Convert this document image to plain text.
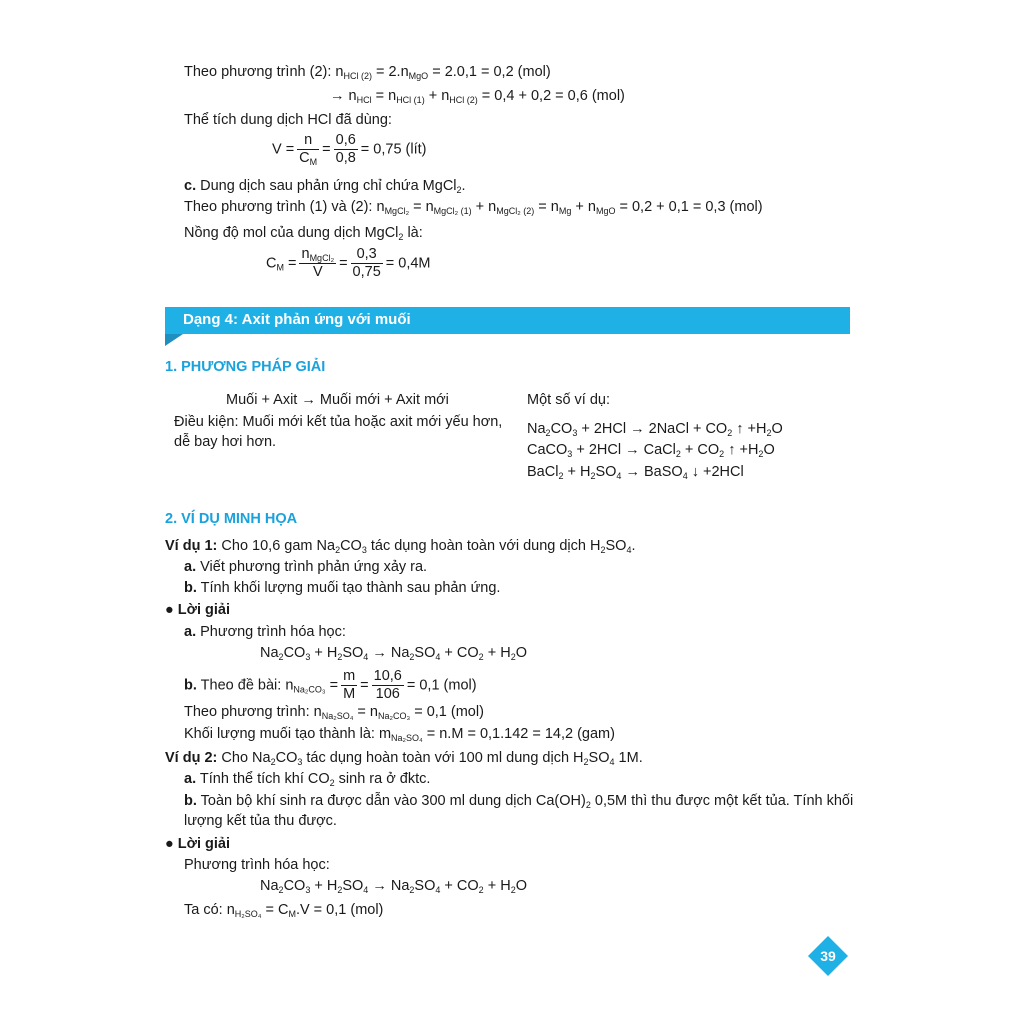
Theo phương trình (2): $n_{HCl (2)} = 2.n_{MgO} = 2.0,1 = 0,2$ (mol)
→ $n_{HCl} = n_{HCl (1)} + n_{HCl (2)} = 0,4 + 0,2 = 0,6$ (mol)
Thể tích dung dịch HCl đã dùng:
$V = \frac{n}{C_M} = \frac{0,6}{0,8} = 0,75$ (lít)
c. Dung dịch sau phản ứng chỉ chứa MgCl$_2$.
Theo phương trình (1) và (2): $n_{MgCl_2} = n_{MgCl_2 (1)} + n_{MgCl_2 (2)} = n_{Mg} + n_{MgO} = 0,2 + 0,1 = 0,3$ (mol)
Nồng độ mol của dung dịch MgCl$_2$ là:
$C_M = \frac{n_{MgCl_2}}{V} = \frac{0,3}{0,75} = 0,4M$
Dạng 4: Axit phản ứng với muối
1. PHƯƠNG PHÁP GIẢI
Muối + Axit → Muối mới + Axit mới
Điều kiện: Muối mới kết tủa hoặc axit mới yếu hơn,
dễ bay hơi hơn.
Một số ví dụ:
$Na_2CO_3 + 2HCl$ → 2NaCl + $CO_2$ ↑ $+H_2O$
CaCO$_3$ + 2HCl → CaCl$_2$ + $CO_2$ ↑ $+H_2O$
BaCl$_2$ + $H_2SO_4$ → BaSO$_4$ ↓ +2HCl
2. VÍ DỤ MINH HỌA
Ví dụ 1: Cho 10,6 gam $Na_2CO_3$ tác dụng hoàn toàn với dung dịch $H_2SO_4$.
a. Viết phương trình phản ứng xảy ra.
b. Tính khối lượng muối tạo thành sau phản ứng.
● Lời giải
a. Phương trình hóa học:
$Na_2CO_3 + H_2SO_4 \to Na_2SO_4 + CO_2 + H_2O$
b. Theo đề bài: $n_{Na_2CO_3} = \frac{m}{M} = \frac{10,6}{106} = 0,1$ (mol)
Theo phương trình: $n_{Na_2SO_4} = n_{Na_2CO_3} = 0,1$ (mol)
Khối lượng muối tạo thành là: $m_{Na_2SO_4} = n.M = 0,1.142 = 14,2$ (gam)
Ví dụ 2: Cho $Na_2CO_3$ tác dụng hoàn toàn với 100 ml dung dịch $H_2SO_4$ 1M.
a. Tính thể tích khí $CO_2$ sinh ra ở đktc.
b. Toàn bộ khí sinh ra được dẫn vào 300 ml dung dịch $Ca(OH)_2$ 0,5M thì thu được một kết tủa. Tính khối
lượng kết tủa thu được.
● Lời giải
Phương trình hóa học:
$Na_2CO_3 + H_2SO_4 \to Na_2SO_4 + CO_2 + H_2O$
Ta có: $n_{H_2SO_4} = C_M.V = 0,1$ (mol)
39
